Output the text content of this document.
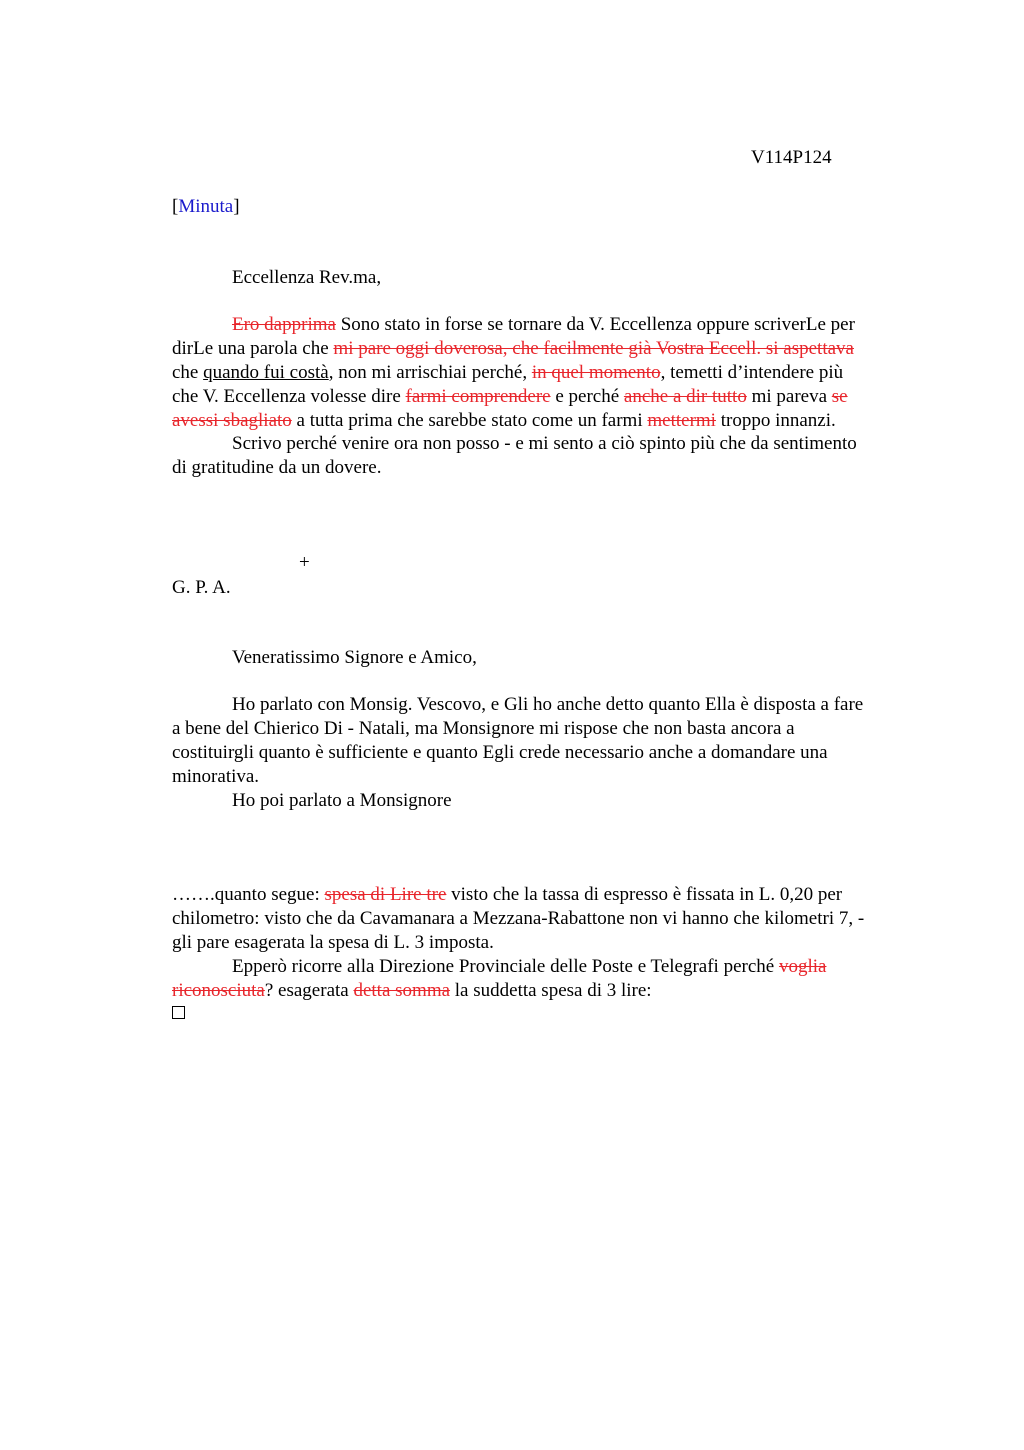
V114P124
[Minuta]
Eccellenza Rev.ma,
Ero dapprima Sono stato in forse se tornare da V. Eccellenza oppure scriverLe per
dirLe una parola che mi pare oggi doverosa, che facilmente già Vostra Eccell. si aspettava
che quando fui costà, non mi arrischiai perché, in quel momento, temetti d’intendere più
che V. Eccellenza volesse dire farmi comprendere e perché anche a dir tutto mi pareva se
avessi sbagliato a tutta prima che sarebbe stato come un farmi mettermi troppo innanzi.
Scrivo perché venire ora non posso - e mi sento a ciò spinto più che da sentimento
di gratitudine da un dovere.
+
G. P. A.
Veneratissimo Signore e Amico,
Ho parlato con Monsig. Vescovo, e Gli ho anche detto quanto Ella è disposta a fare
a bene del Chierico Di - Natali, ma Monsignore mi rispose che non basta ancora a
costituirgli quanto è sufficiente e quanto Egli crede necessario anche a domandare una
minorativa.
Ho poi parlato a Monsignore
…….quanto segue: spesa di Lire tre visto che la tassa di espresso è fissata in L. 0,20 per
chilometro: visto che da Cavamanara a Mezzana-Rabattone non vi hanno che kilometri 7, -
gli pare esagerata la spesa di L. 3 imposta.
Epperò ricorre alla Direzione Provinciale delle Poste e Telegrafi perché voglia
riconosciuta? esagerata detta somma la suddetta spesa di 3 lire:
